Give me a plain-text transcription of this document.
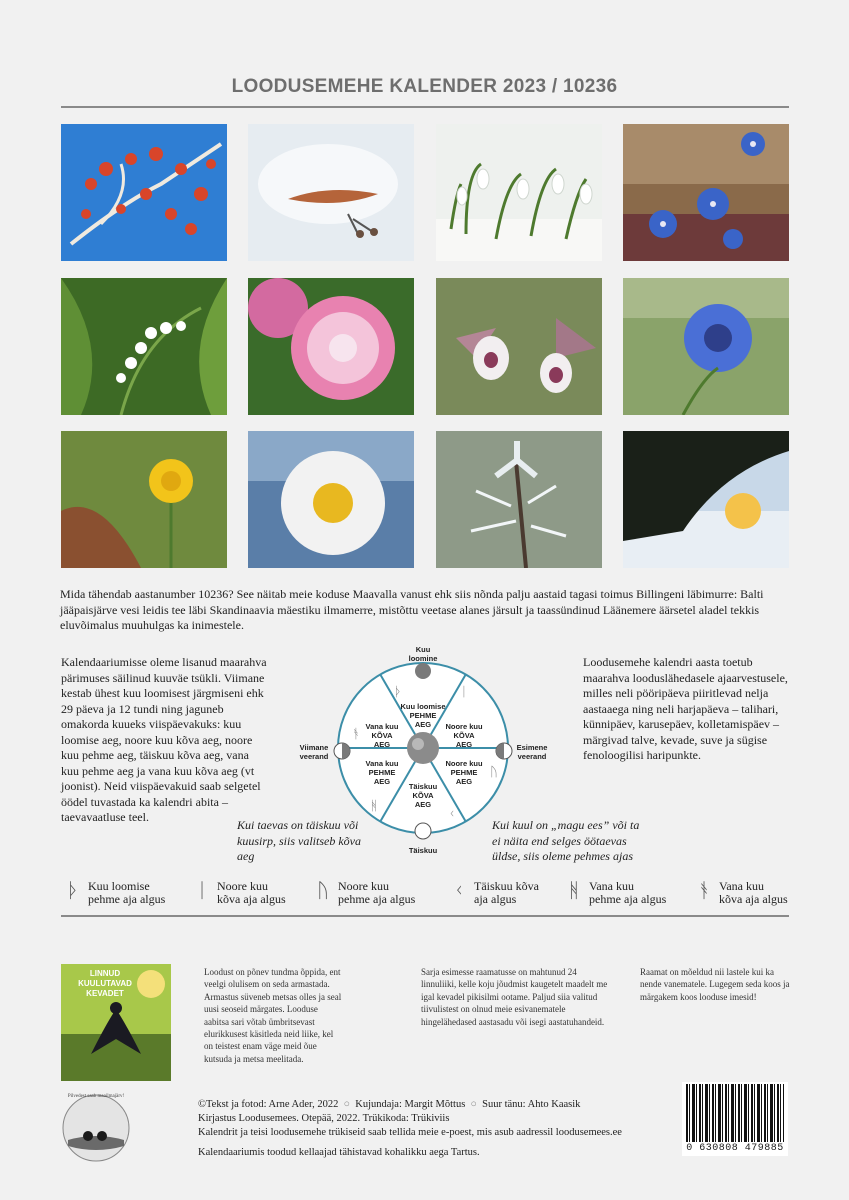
LOODUSEMEHE KALENDER 2023 / 10236
Mida tähendab aastanumber 10236? See näitab meie koduse Maavalla vanust ehk siis nõnda palju aastaid tagasi toimus Billingeni läbimurre: Balti jääpaisjärve vesi leidis tee läbi Skandinaavia mäestiku ilmamerre, mistõttu veetase alanes järsult ja taassündinud Läänemere äärsetel aladel tekkis eluvõimalus muuhulgas ka inimestele.
Kalendaariumisse oleme lisanud maarahva pärimuses säilinud kuuväe tsükli. Viimane kestab ühest kuu loomisest järgmiseni ehk 29 päeva ja 12 tundi ning jaguneb omakorda kuueks viispäevakuks: kuu loomise aeg, noore kuu kõva aeg, noore kuu pehme aeg, täiskuu kõva aeg, vana kuu pehme aeg ja vana kuu kõva aeg (vt joonist). Neid viispäevakuid saab selgetel öödel tuvastada ka kalendri abita – taevavaatluse teel.
Loodusemehe kalendri aasta toetub maarahva looduslähedasele ajaarvestusele, milles neli pööripäeva piiritlevad nelja aastaaega ning neli harjapäeva – talihari, künnipäev, karusepäev, kolletamispäev – märgivad talve, kevade, suve ja sügise fenoloogilisi haripunkte.
Kuu
loomine
Viimane
veerand
Esimene
veerand
Täiskuu
Kuu loomise
PEHME
AEG
Vana kuu
KÕVA
AEG
Noore kuu
KÕVA
AEG
Vana kuu
PEHME
AEG
Noore kuu
PEHME
AEG
Täiskuu
KÕVA
AEG
ᚦ	ᛁ
ᚢ
ᚲ
ᚻ
ᚬ
Kui taevas on täiskuu või kuusirp, siis valitseb kõva aeg
Kui kuul on „magu ees” või ta ei näita end selges öötaevas üldse, siis oleme pehmes ajas
ᚦ Kuu loomise
pehme aja algus ᛁ Noore kuu
kõva aja algus ᚢ Noore kuu
pehme aja algus ᚲ Täiskuu kõva
aja algus	ᚻ Vana kuu
pehme aja algus ᚬ Vana kuu
kõva aja algus
LINNUD KUULUTAVAD KEVADET
Loodust on põnev tundma õppida, ent veelgi olulisem on seda armastada. Armastus süveneb metsas olles ja seal uusi seoseid märgates. Looduse aabitsa sari võtab ümbritsevast elurikkusest käsitleda neid liike, kel on teistest enam väge meid õue kutsuda ja metsa meelitada.
Sarja esimesse raamatusse on mahtunud 24 linnuliiki, kelle koju jõudmist kaugetelt maadelt me igal kevadel pikisilmi ootame. Paljud siia valitud tiivulistest on olnud meie esivanematele hingelähedased aastasadu või isegi aastatuhandeid.
Raamat on mõeldud nii lastele kui ka nende vanematele. Lugegem seda koos ja märgakem koos looduse imesid!
Pilvedest saab maailmajärv!
©Tekst ja fotod: Arne Ader, 2022  ○  Kujundaja: Margit Mõttus  ○  Suur tänu: Ahto Kaasik
Kirjastus Loodusemees. Otepää, 2022. Trükikoda: Trükiviis
Kalendrit ja teisi loodusemehe trükiseid saab tellida meie e-poest, mis asub aadressil loodusemees.ee
Kalendaariumis toodud kellaajad tähistavad kohalikku aega Tartus.	0 630808 479885
